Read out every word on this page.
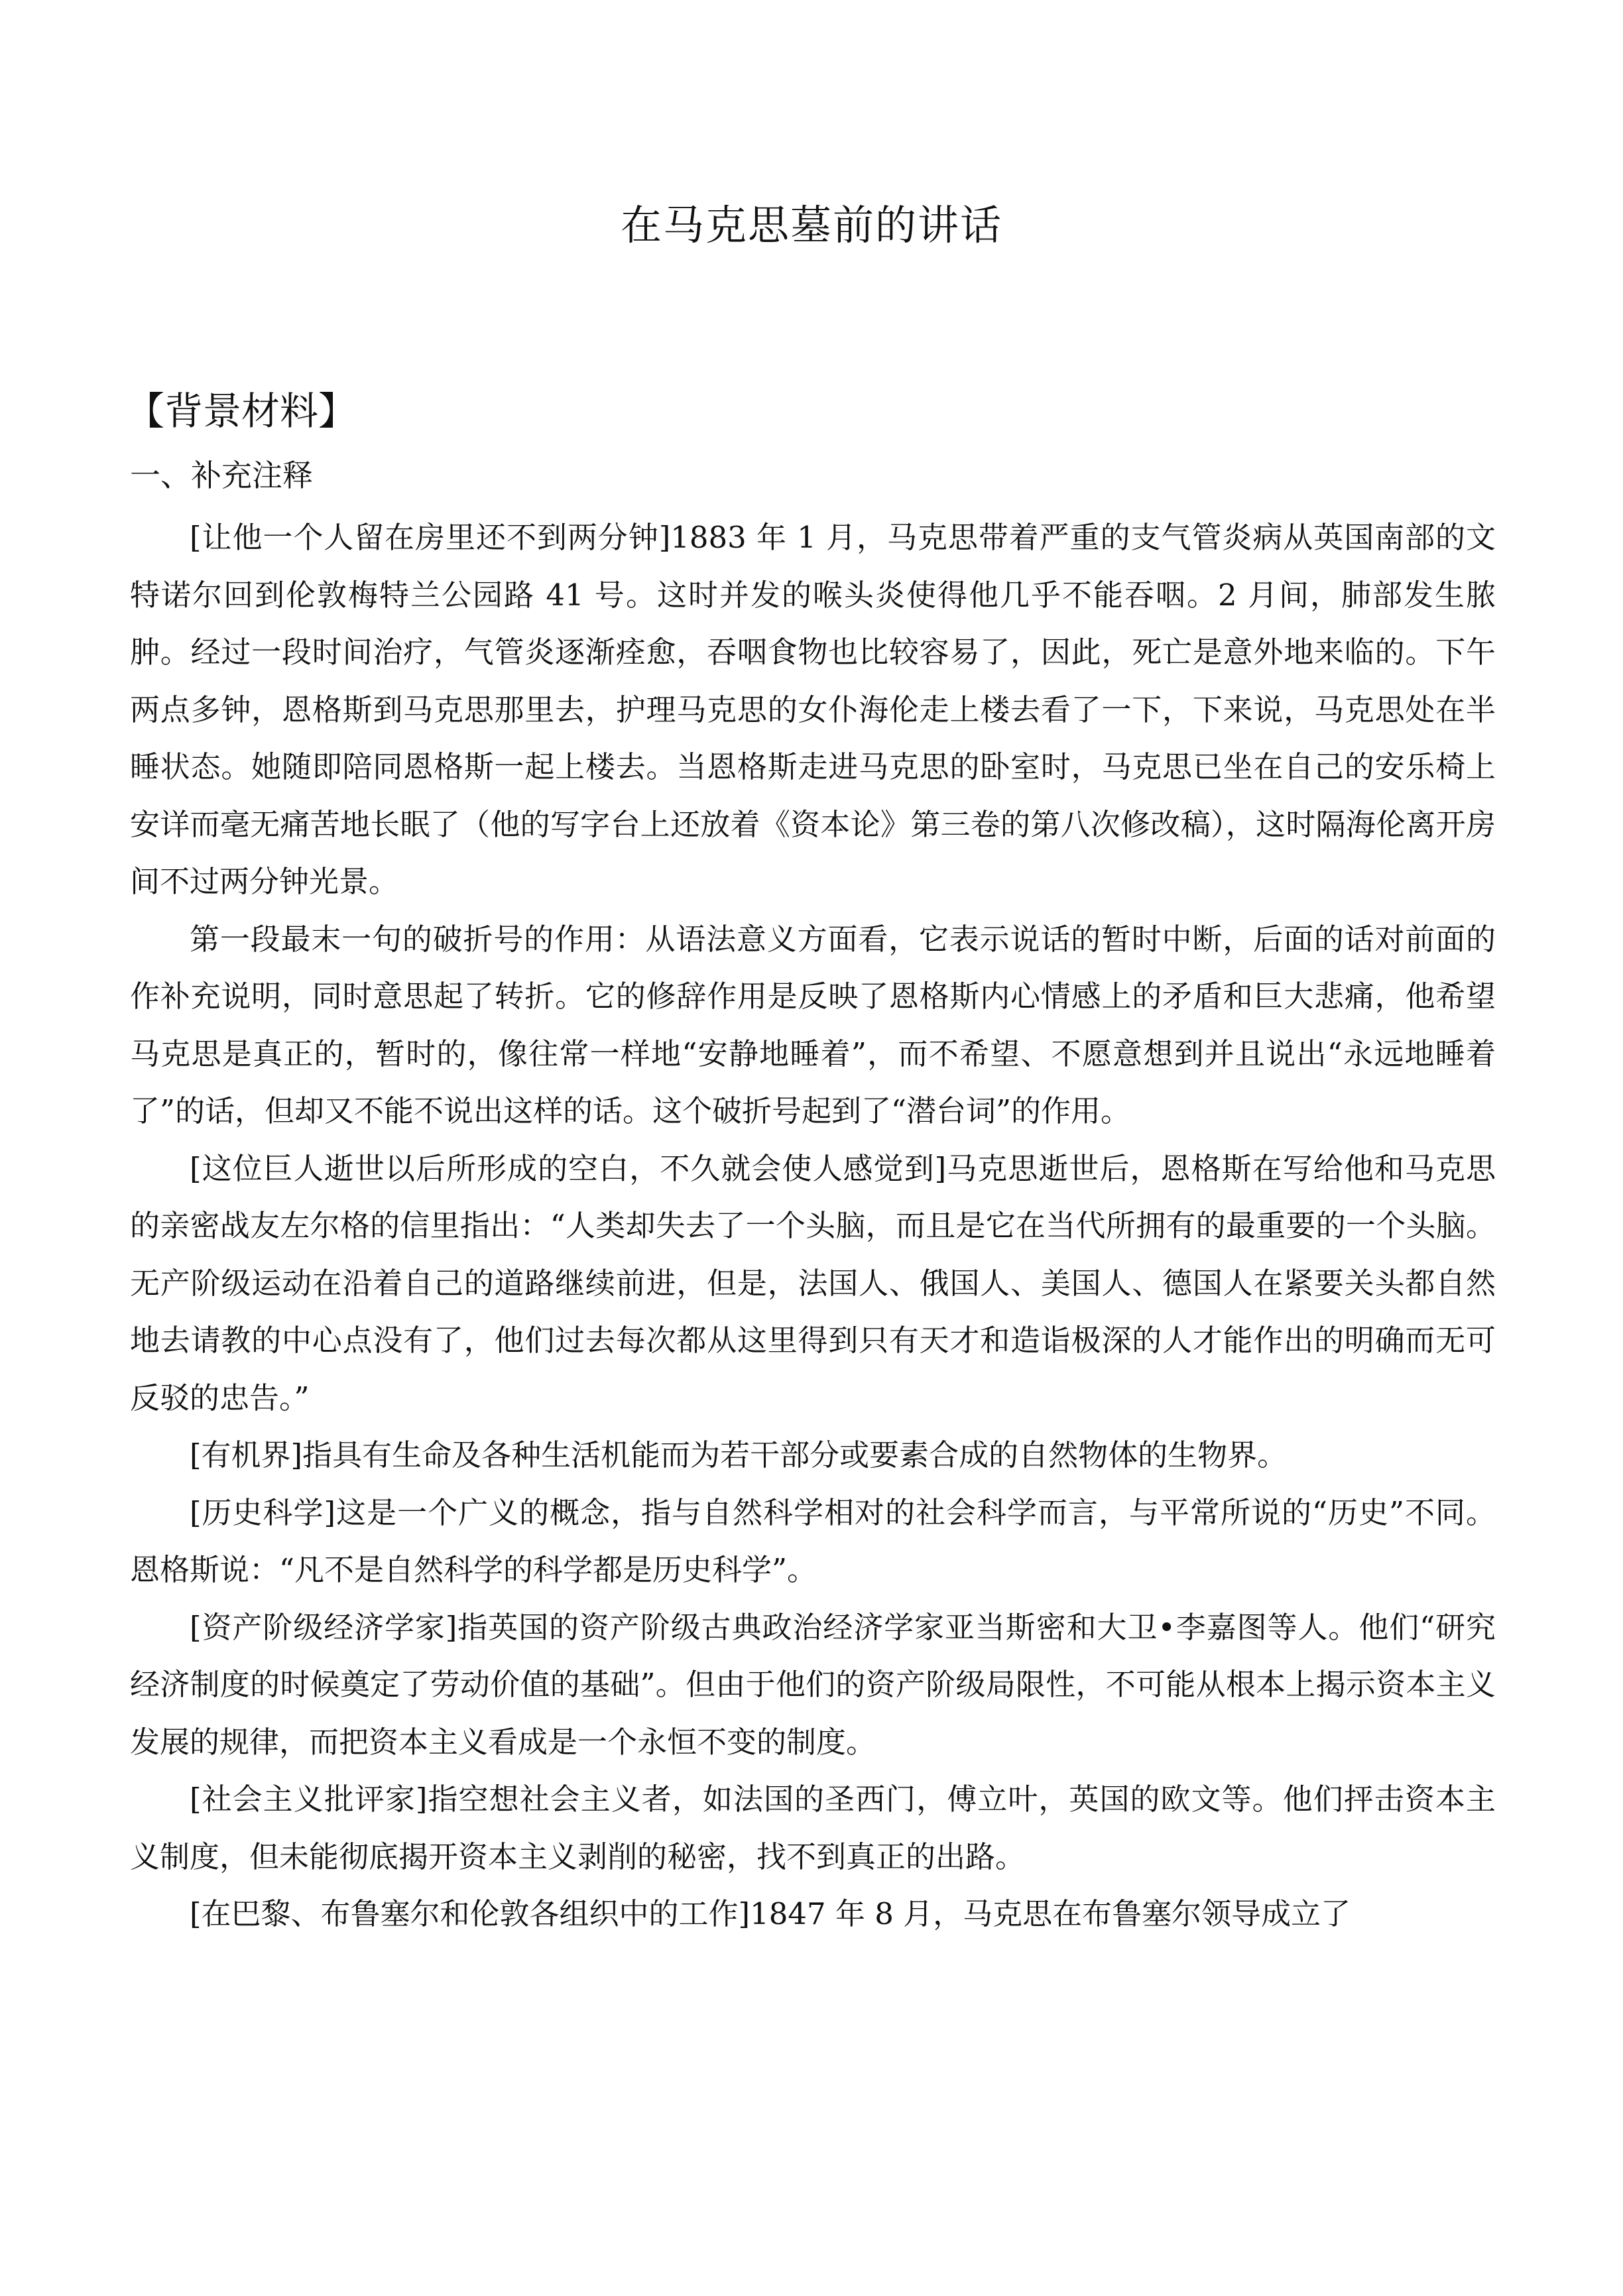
在马克思墓前的讲话
【背景材料】
一、补充注释

[让他一个人留在房里还不到两分钟]1883 年 1 月，马克思带着严重的支气管炎病从英国南部的文特诺尔回到伦敦梅特兰公园路 41 号。这时并发的喉头炎使得他几乎不能吞咽。2 月间，肺部发生脓肿。经过一段时间治疗，气管炎逐渐痊愈，吞咽食物也比较容易了，因此，死亡是意外地来临的。下午两点多钟，恩格斯到马克思那里去，护理马克思的女仆海伦走上楼去看了一下，下来说，马克思处在半睡状态。她随即陪同恩格斯一起上楼去。当恩格斯走进马克思的卧室时，马克思已坐在自己的安乐椅上安详而毫无痛苦地长眠了（他的写字台上还放着《资本论》第三卷的第八次修改稿），这时隔海伦离开房间不过两分钟光景。

第一段最末一句的破折号的作用：从语法意义方面看，它表示说话的暂时中断，后面的话对前面的作补充说明，同时意思起了转折。它的修辞作用是反映了恩格斯内心情感上的矛盾和巨大悲痛，他希望马克思是真正的，暂时的，像往常一样地“安静地睡着”，而不希望、不愿意想到并且说出“永远地睡着了”的话，但却又不能不说出这样的话。这个破折号起到了“潜台词”的作用。

[这位巨人逝世以后所形成的空白，不久就会使人感觉到]马克思逝世后，恩格斯在写给他和马克思的亲密战友左尔格的信里指出：“人类却失去了一个头脑，而且是它在当代所拥有的最重要的一个头脑。无产阶级运动在沿着自己的道路继续前进，但是，法国人、俄国人、美国人、德国人在紧要关头都自然地去请教的中心点没有了，他们过去每次都从这里得到只有天才和造诣极深的人才能作出的明确而无可反驳的忠告。”

[有机界]指具有生命及各种生活机能而为若干部分或要素合成的自然物体的生物界。

[历史科学]这是一个广义的概念，指与自然科学相对的社会科学而言，与平常所说的“历史”不同。恩格斯说：“凡不是自然科学的科学都是历史科学”。

[资产阶级经济学家]指英国的资产阶级古典政治经济学家亚当斯密和大卫•李嘉图等人。他们“研究经济制度的时候奠定了劳动价值的基础”。但由于他们的资产阶级局限性，不可能从根本上揭示资本主义发展的规律，而把资本主义看成是一个永恒不变的制度。

[社会主义批评家]指空想社会主义者，如法国的圣西门，傅立叶，英国的欧文等。他们抨击资本主义制度，但未能彻底揭开资本主义剥削的秘密，找不到真正的出路。

[在巴黎、布鲁塞尔和伦敦各组织中的工作]1847 年 8 月，马克思在布鲁塞尔领导成立了
